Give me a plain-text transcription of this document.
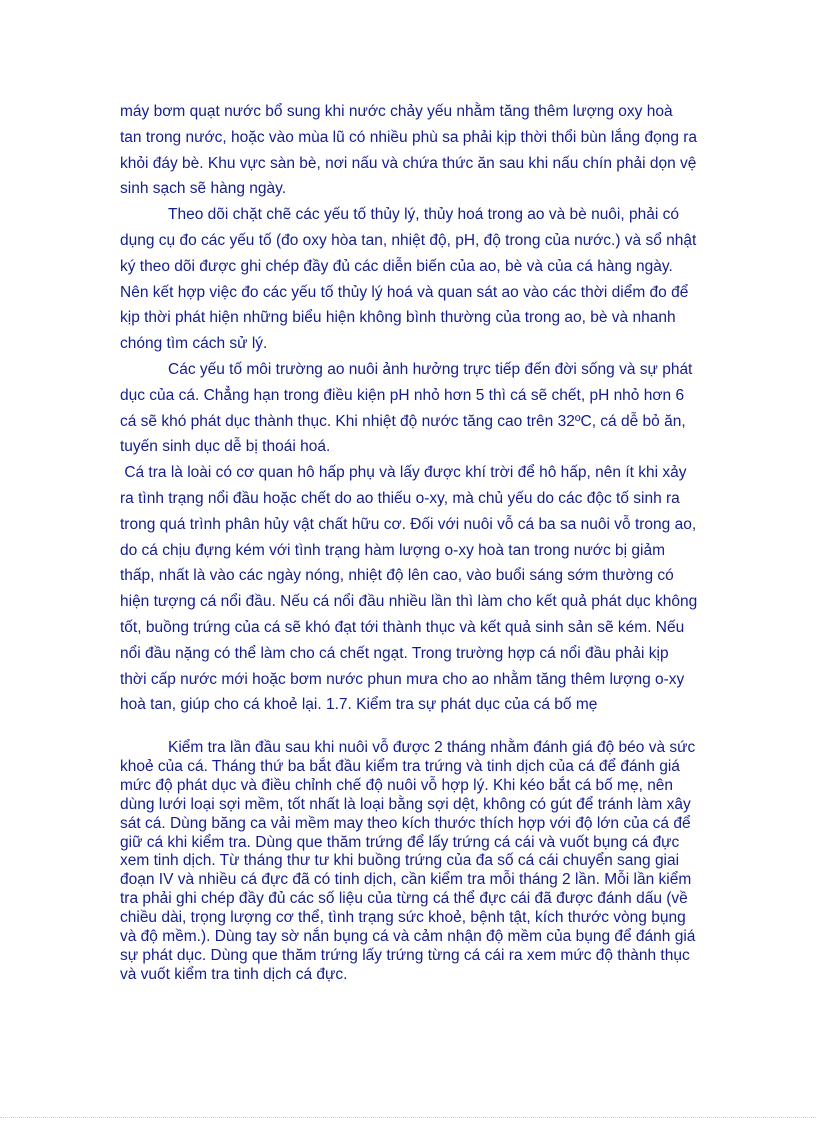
máy bơm quạt nước bổ sung khi nước chảy yếu nhằm tăng thêm lượng oxy hoà tan trong nước, hoặc vào mùa lũ có nhiều phù sa phải kịp thời thổi bùn lắng đọng ra khỏi đáy bè. Khu vực sàn bè, nơi nấu và chứa thức ăn sau khi nấu chín phải dọn vệ sinh sạch sẽ hàng ngày.

Theo dõi chặt chẽ các yếu tố thủy lý, thủy hoá trong ao và bè nuôi, phải có dụng cụ đo các yếu tố (đo oxy hòa tan, nhiệt độ, pH, độ trong của nước.) và sổ nhật ký theo dõi được ghi chép đầy đủ các diễn biến của ao, bè và của cá hàng ngày. Nên kết hợp việc đo các yếu tố thủy lý hoá và quan sát ao vào các thời diểm đo để kịp thời phát hiện những biểu hiện không bình thường của trong ao, bè và nhanh chóng tìm cách sử lý.

Các yếu tố môi trường ao nuôi ảnh hưởng trực tiếp đến đời sống và sự phát dục của cá. Chẳng hạn trong điều kiện pH nhỏ hơn 5 thì cá sẽ chết, pH nhỏ hơn 6 cá sẽ khó phát dục thành thục. Khi nhiệt độ nước tăng cao trên 32ºC, cá dễ bỏ ăn, tuyến sinh dục dễ bị thoái hoá.

Cá tra là loài có cơ quan hô hấp phụ và lấy được khí trời để hô hấp, nên ít khi xảy ra tình trạng nổi đầu hoặc chết do ao thiếu o-xy, mà chủ yếu do các độc tố sinh ra trong quá trình phân hủy vật chất hữu cơ. Đối với nuôi vỗ cá ba sa nuôi vỗ trong ao, do cá chịu đựng kém với tình trạng hàm lượng o-xy hoà tan trong nước bị giảm thấp, nhất là vào các ngày nóng, nhiệt độ lên cao, vào buổi sáng sớm thường có hiện tượng cá nổi đầu. Nếu cá nổi đầu nhiều lần thì làm cho kết quả phát dục không tốt, buồng trứng của cá sẽ khó đạt tới thành thục và kết quả sinh sản sẽ kém. Nếu nổi đầu nặng có thể làm cho cá chết ngạt. Trong trường hợp cá nổi đầu phải kịp thời cấp nước mới hoặc bơm nước phun mưa cho ao nhằm tăng thêm lượng o-xy hoà tan, giúp cho cá khoẻ lại. 1.7. Kiểm tra sự phát dục của cá bố mẹ

Kiểm tra lần đầu sau khi nuôi vỗ được 2 tháng nhằm đánh giá độ béo và sức khoẻ của cá. Tháng thứ ba bắt đầu kiểm tra trứng và tinh dịch của cá để đánh giá mức độ phát dục và điều chỉnh chế độ nuôi vỗ hợp lý. Khi kéo bắt cá bố mẹ, nên dùng lưới loại sợi mềm, tốt nhất là loại bằng sợi dệt, không có gút để tránh làm xây sát cá. Dùng băng ca vải mềm may theo kích thước thích hợp với độ lớn của cá để giữ cá khi kiểm tra. Dùng que thăm trứng để lấy trứng cá cái và vuốt bụng cá đực xem tinh dịch. Từ tháng thư tư khi buồng trứng của đa số cá cái chuyển sang giai đoạn IV và nhiều cá đực đã có tinh dịch, cần kiểm tra mỗi tháng 2 lần. Mỗi lần kiểm tra phải ghi chép đầy đủ các số liệu của từng cá thể đực cái đã được đánh dấu (về chiều dài, trọng lượng cơ thể, tình trạng sức khoẻ, bệnh tật, kích thước vòng bụng và độ mềm.). Dùng tay sờ nắn bụng cá và cảm nhận độ mềm của bụng để đánh giá sự phát dục. Dùng que thăm trứng lấy trứng từng cá cái ra xem mức độ thành thục và vuốt kiểm tra tinh dịch cá đực.
